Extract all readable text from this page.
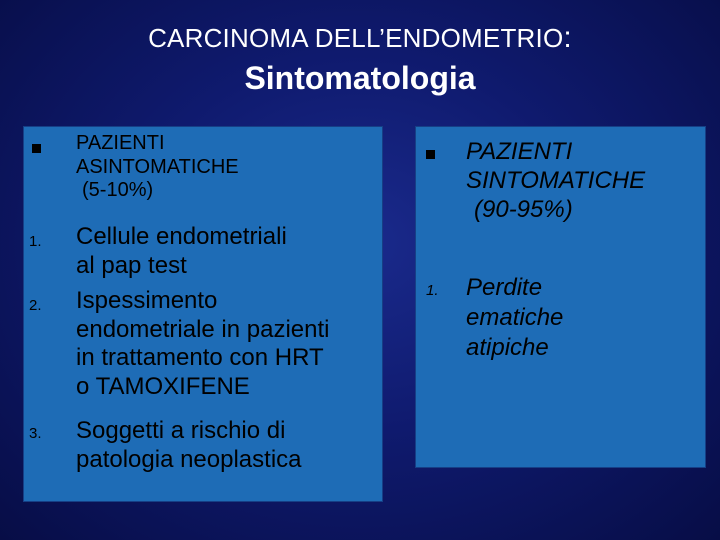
CARCINOMA DELL’ENDOMETRIO:
Sintomatologia
PAZIENTI
ASINTOMATICHE
(5-10%)
1. Cellule endometriali
al pap test
2. Ispessimento
endometriale in pazienti
in trattamento con HRT
o TAMOXIFENE
3. Soggetti a rischio di
patologia neoplastica
PAZIENTI
SINTOMATICHE
(90-95%)
1. Perdite
ematiche
atipiche
